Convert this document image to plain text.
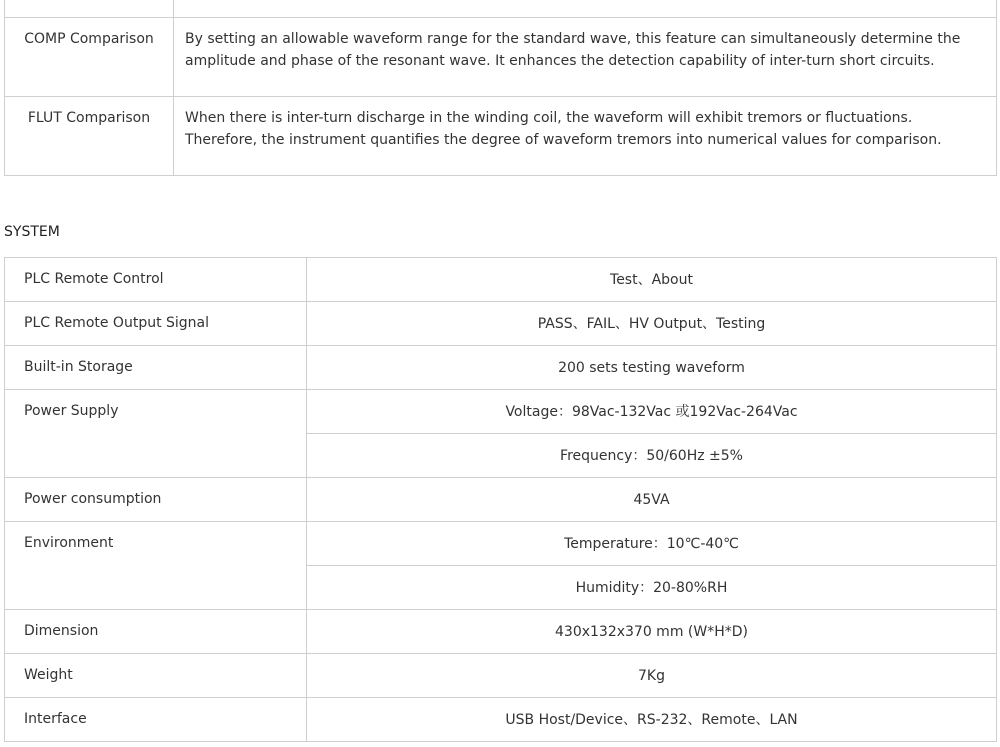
COMP Comparison	By setting an allowable waveform range for the standard wave, this feature can simultaneously determine the amplitude and phase of the resonant wave. It enhances the detection capability of inter-turn short circuits.
FLUT Comparison	When there is inter-turn discharge in the winding coil, the waveform will exhibit tremors or fluctuations. Therefore, the instrument quantifies the degree of waveform tremors into numerical values for comparison.
SYSTEM
PLC Remote Control	Test、About
PLC Remote Output Signal	PASS、FAIL、HV Output、Testing
Built-in Storage	200 sets testing waveform
Power Supply	Voltage：98Vac-132Vac 或192Vac-264Vac
	Frequency：50/60Hz ±5%
Power consumption	45VA
Environment	Temperature：10℃-40℃
	Humidity：20-80%RH
Dimension	430x132x370 mm (W*H*D)
Weight	7Kg
Interface	USB Host/Device、RS-232、Remote、LAN
